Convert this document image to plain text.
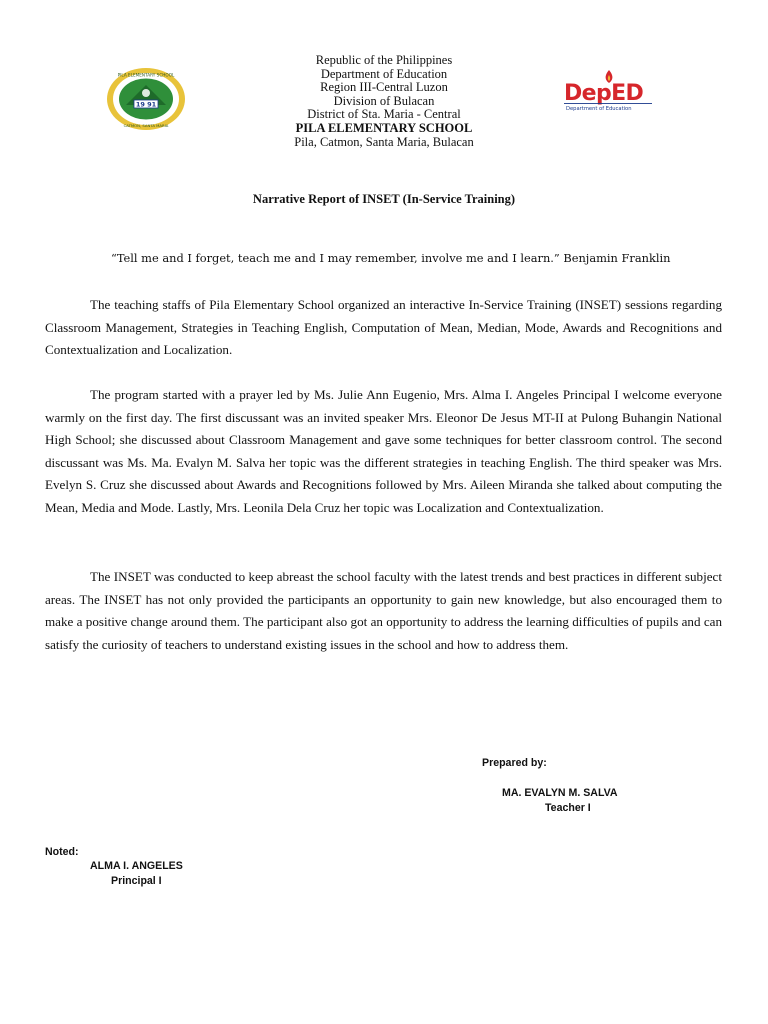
19 91
PILA ELEMENTARY SCHOOL
CATMON, SANTA MARIA
DepED
Department of Education
Republic of the Philippines
Department of Education
Region III-Central Luzon
Division of Bulacan
District of Sta. Maria - Central
PILA ELEMENTARY SCHOOL
Pila, Catmon, Santa Maria, Bulacan
Narrative Report of INSET (In-Service Training)
“Tell me and I forget, teach me and I may remember, involve me and I learn.” Benjamin Franklin

The teaching staffs of Pila Elementary School organized an interactive In-Service Training (INSET) sessions regarding Classroom Management, Strategies in Teaching English, Computation of Mean, Median, Mode, Awards and Recognitions and Contextualization and Localization.

The program started with a prayer led by Ms. Julie Ann Eugenio, Mrs. Alma I. Angeles Principal I welcome everyone warmly on the first day. The first discussant was an invited speaker Mrs. Eleonor De Jesus MT-II at Pulong Buhangin National High School; she discussed about Classroom Management and gave some techniques for better classroom control. The second discussant was Ms. Ma. Evalyn M. Salva her topic was the different strategies in teaching English. The third speaker was Mrs. Evelyn S. Cruz she discussed about Awards and Recognitions followed by Mrs. Aileen Miranda she talked about computing the Mean, Media and Mode. Lastly, Mrs. Leonila Dela Cruz her topic was Localization and Contextualization.

The INSET was conducted to keep abreast the school faculty with the latest trends and best practices in different subject areas. The INSET has not only provided the participants an opportunity to gain new knowledge, but also encouraged them to make a positive change around them. The participant also got an opportunity to address the learning difficulties of pupils and can satisfy the curiosity of teachers to understand existing issues in the school and how to address them.

Prepared by:
MA. EVALYN M. SALVA
Teacher I
Noted:
ALMA I. ANGELES
Principal I
